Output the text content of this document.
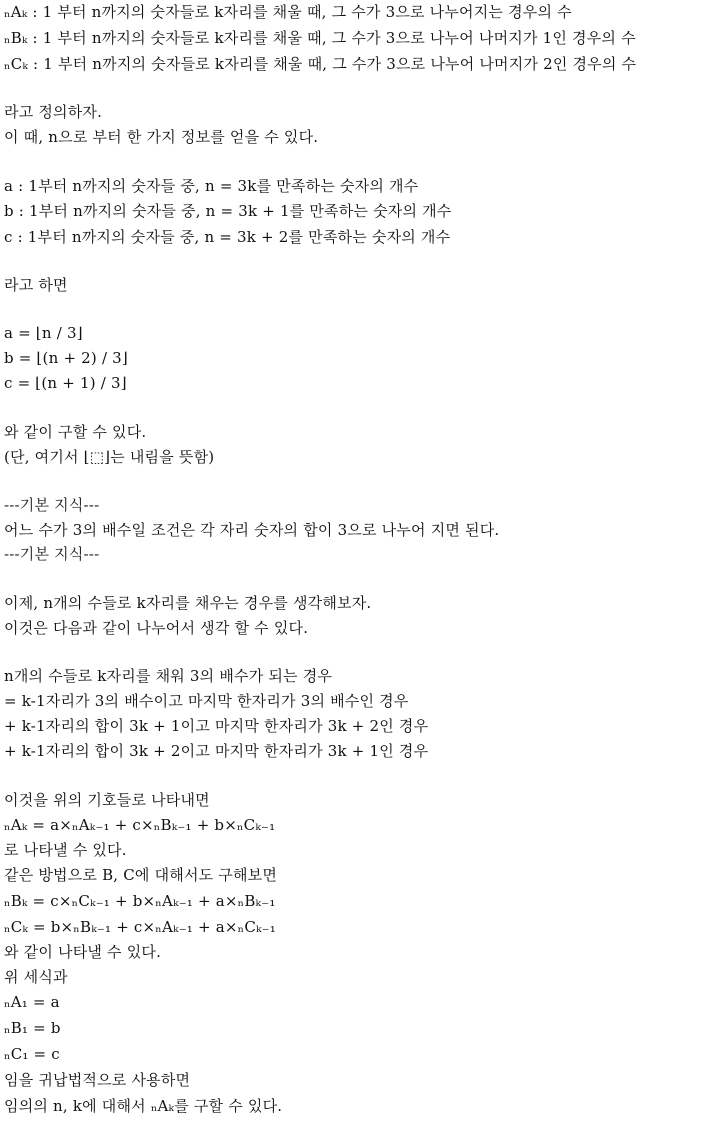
ₙAₖ : 1 부터 n까지의 숫자들로 k자리를 채울 때, 그 수가 3으로 나누어지는 경우의 수
ₙBₖ : 1 부터 n까지의 숫자들로 k자리를 채울 때, 그 수가 3으로 나누어 나머지가 1인 경우의 수
ₙCₖ : 1 부터 n까지의 숫자들로 k자리를 채울 때, 그 수가 3으로 나누어 나머지가 2인 경우의 수
라고 정의하자.
이 때, n으로 부터 한 가지 정보를 얻을 수 있다.
a : 1부터 n까지의 숫자들 중, n = 3k를 만족하는 숫자의 개수
b : 1부터 n까지의 숫자들 중, n = 3k + 1를 만족하는 숫자의 개수
c : 1부터 n까지의 숫자들 중, n = 3k + 2를 만족하는 숫자의 개수
라고 하면
a = ⌊n / 3⌋
b = ⌊(n + 2) / 3⌋
c = ⌊(n + 1) / 3⌋
와 같이 구할 수 있다.
(단, 여기서 ⌊⬚⌋는 내림을 뜻함)
---기본 지식---
어느 수가 3의 배수일 조건은 각 자리 숫자의 합이 3으로 나누어 지면 된다.
---기본 지식---
이제, n개의 수들로 k자리를 채우는 경우를 생각해보자.
이것은 다음과 같이 나누어서 생각 할 수 있다.
n개의 수들로 k자리를 채워 3의 배수가 되는 경우
= k-1자리가 3의 배수이고 마지막 한자리가 3의 배수인 경우
+ k-1자리의 합이 3k + 1이고 마지막 한자리가 3k + 2인 경우
+ k-1자리의 합이 3k + 2이고 마지막 한자리가 3k + 1인 경우
이것을 위의 기호들로 나타내면
ₙAₖ = a×ₙAₖ₋₁ + c×ₙBₖ₋₁ + b×ₙCₖ₋₁
로 나타낼 수 있다.
같은 방법으로 B, C에 대해서도 구해보면
ₙBₖ = c×ₙCₖ₋₁ + b×ₙAₖ₋₁ + a×ₙBₖ₋₁
ₙCₖ = b×ₙBₖ₋₁ + c×ₙAₖ₋₁ + a×ₙCₖ₋₁
와 같이 나타낼 수 있다.
위 세식과
ₙA₁ = a
ₙB₁ = b
ₙC₁ = c
임을 귀납법적으로 사용하면
임의의 n, k에 대해서 ₙAₖ를 구할 수 있다.
